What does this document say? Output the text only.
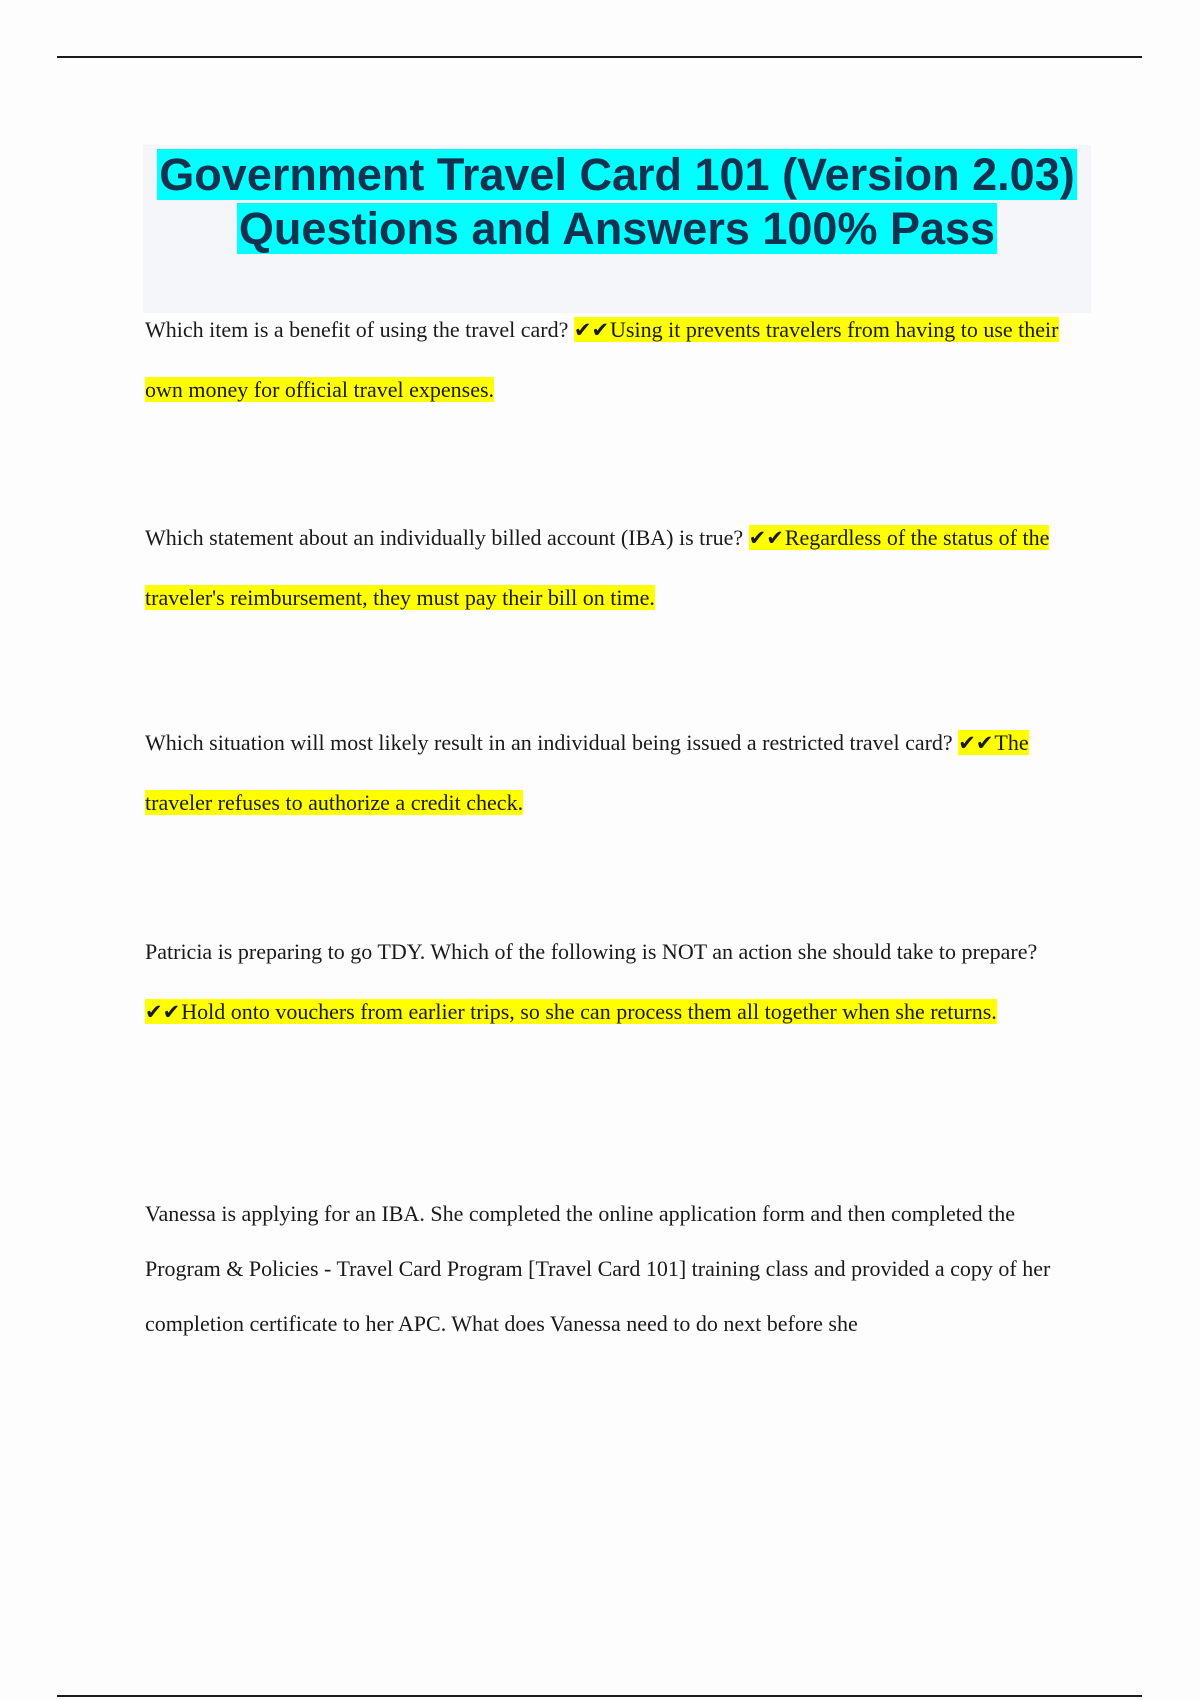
Government Travel Card 101 (Version 2.03) Questions and Answers 100% Pass

Which item is a benefit of using the travel card? ✔✔Using it prevents travelers from having to use their own money for official travel expenses.

Which statement about an individually billed account (IBA) is true? ✔✔Regardless of the status of the traveler's reimbursement, they must pay their bill on time.

Which situation will most likely result in an individual being issued a restricted travel card? ✔✔The traveler refuses to authorize a credit check.

Patricia is preparing to go TDY. Which of the following is NOT an action she should take to prepare? ✔✔Hold onto vouchers from earlier trips, so she can process them all together when she returns.

Vanessa is applying for an IBA. She completed the online application form and then completed the Program & Policies - Travel Card Program [Travel Card 101] training class and provided a copy of her completion certificate to her APC. What does Vanessa need to do next before she
